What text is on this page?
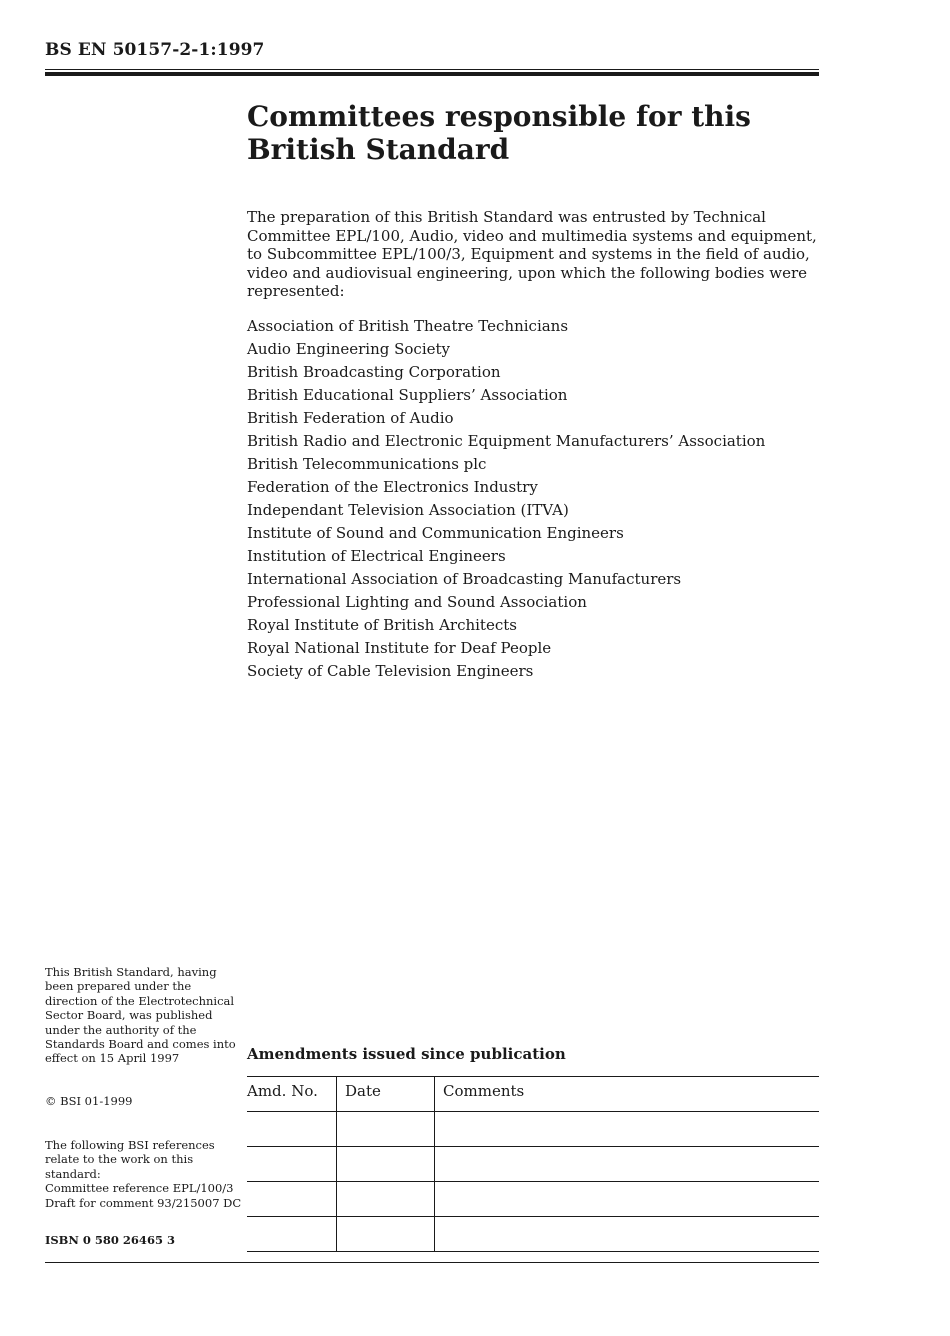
BS EN 50157-2-1:1997
Committees responsible for this
British Standard

The preparation of this British Standard was entrusted by Technical Committee EPL/100, Audio, video and multimedia systems and equipment, to Subcommittee EPL/100/3, Equipment and systems in the field of audio, video and audiovisual engineering, upon which the following bodies were represented:

Association of British Theatre Technicians
Audio Engineering Society
British Broadcasting Corporation
British Educational Suppliers’ Association
British Federation of Audio
British Radio and Electronic Equipment Manufacturers’ Association
British Telecommunications plc
Federation of the Electronics Industry
Independant Television Association (ITVA)
Institute of Sound and Communication Engineers
Institution of Electrical Engineers
International Association of Broadcasting Manufacturers
Professional Lighting and Sound Association
Royal Institute of British Architects
Royal National Institute for Deaf People
Society of Cable Television Engineers

This British Standard, having been prepared under the direction of the Electrotechnical Sector Board, was published under the authority of the Standards Board and comes into effect on 15 April 1997

© BSI 01-1999

The following BSI references relate to the work on this standard:
Committee reference EPL/100/3
Draft for comment 93/215007 DC

ISBN 0 580 26465 3

Amendments issued since publication
Amd. No.	Date	Comments
